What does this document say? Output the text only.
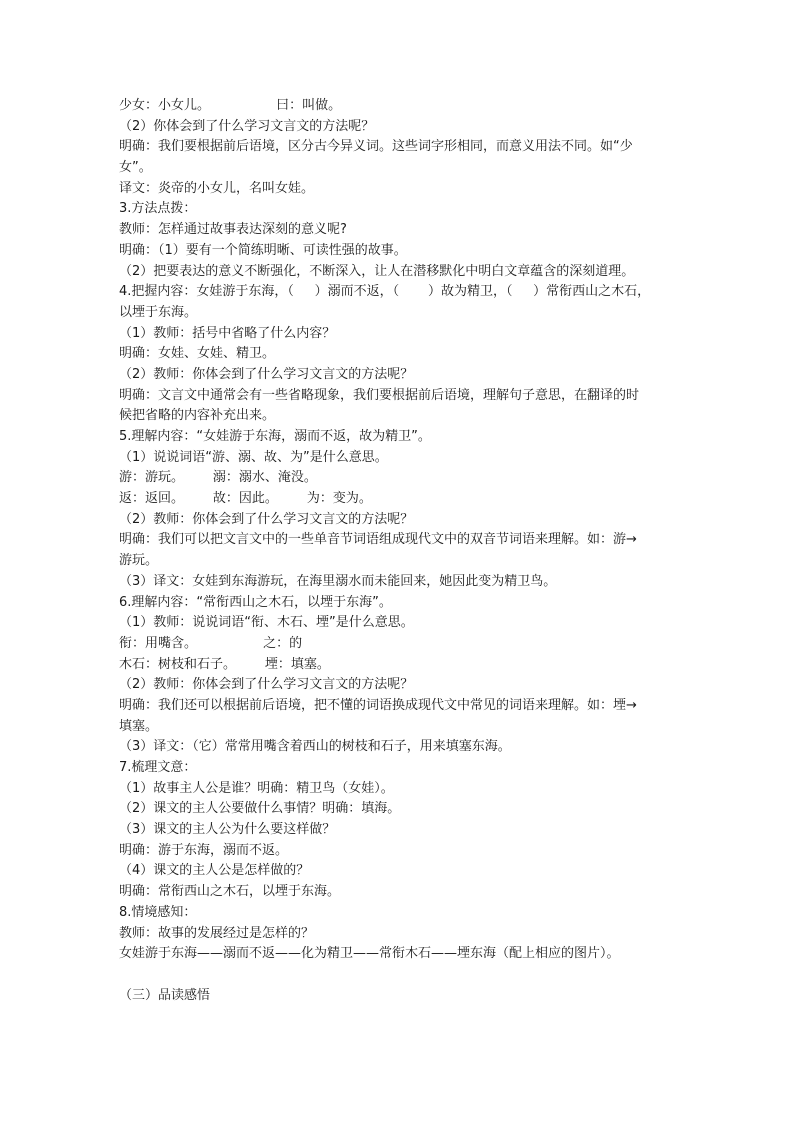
少女：小女儿。                曰：叫做。
（2）你体会到了什么学习文言文的方法呢？
明确：我们要根据前后语境，区分古今异义词。这些词字形相同，而意义用法不同。如“少
女”。
译文：炎帝的小女儿，名叫女娃。
3.方法点拨：
教师：怎样通过故事表达深刻的意义呢?
明确：（1）要有一个简练明晰、可读性强的故事。
（2）把要表达的意义不断强化，不断深入，让人在潜移默化中明白文章蕴含的深刻道理。
4.把握内容：女娃游于东海，（     ）溺而不返，（       ）故为精卫，（     ）常衔西山之木石，
以堙于东海。
（1）教师：括号中省略了什么内容？
明确：女娃、女娃、精卫。
（2）教师：你体会到了什么学习文言文的方法呢？
明确：文言文中通常会有一些省略现象，我们要根据前后语境，理解句子意思，在翻译的时
候把省略的内容补充出来。
5.理解内容：“女娃游于东海，溺而不返，故为精卫”。
（1）说说词语“游、溺、故、为”是什么意思。
游：游玩。       溺：溺水、淹没。
返：返回。       故：因此。       为：变为。
（2）教师：你体会到了什么学习文言文的方法呢？
明确：我们可以把文言文中的一些单音节词语组成现代文中的双音节词语来理解。如：游→
游玩。
（3）译文：女娃到东海游玩，在海里溺水而未能回来，她因此变为精卫鸟。
6.理解内容：“常衔西山之木石，以堙于东海”。
（1）教师：说说词语“衔、木石、堙”是什么意思。
衔：用嘴含。                之：的
木石：树枝和石子。       堙：填塞。
（2）教师：你体会到了什么学习文言文的方法呢？
明确：我们还可以根据前后语境，把不懂的词语换成现代文中常见的词语来理解。如：堙→
填塞。
（3）译文：（它）常常用嘴含着西山的树枝和石子，用来填塞东海。
7.梳理文意：
（1）故事主人公是谁？明确：精卫鸟（女娃）。
（2）课文的主人公要做什么事情？明确：填海。
（3）课文的主人公为什么要这样做？
明确：游于东海，溺而不返。
（4）课文的主人公是怎样做的？
明确：常衔西山之木石，以堙于东海。
8.情境感知：
教师：故事的发展经过是怎样的？
女娃游于东海——溺而不返——化为精卫——常衔木石——堙东海（配上相应的图片）。
（三）品读感悟
